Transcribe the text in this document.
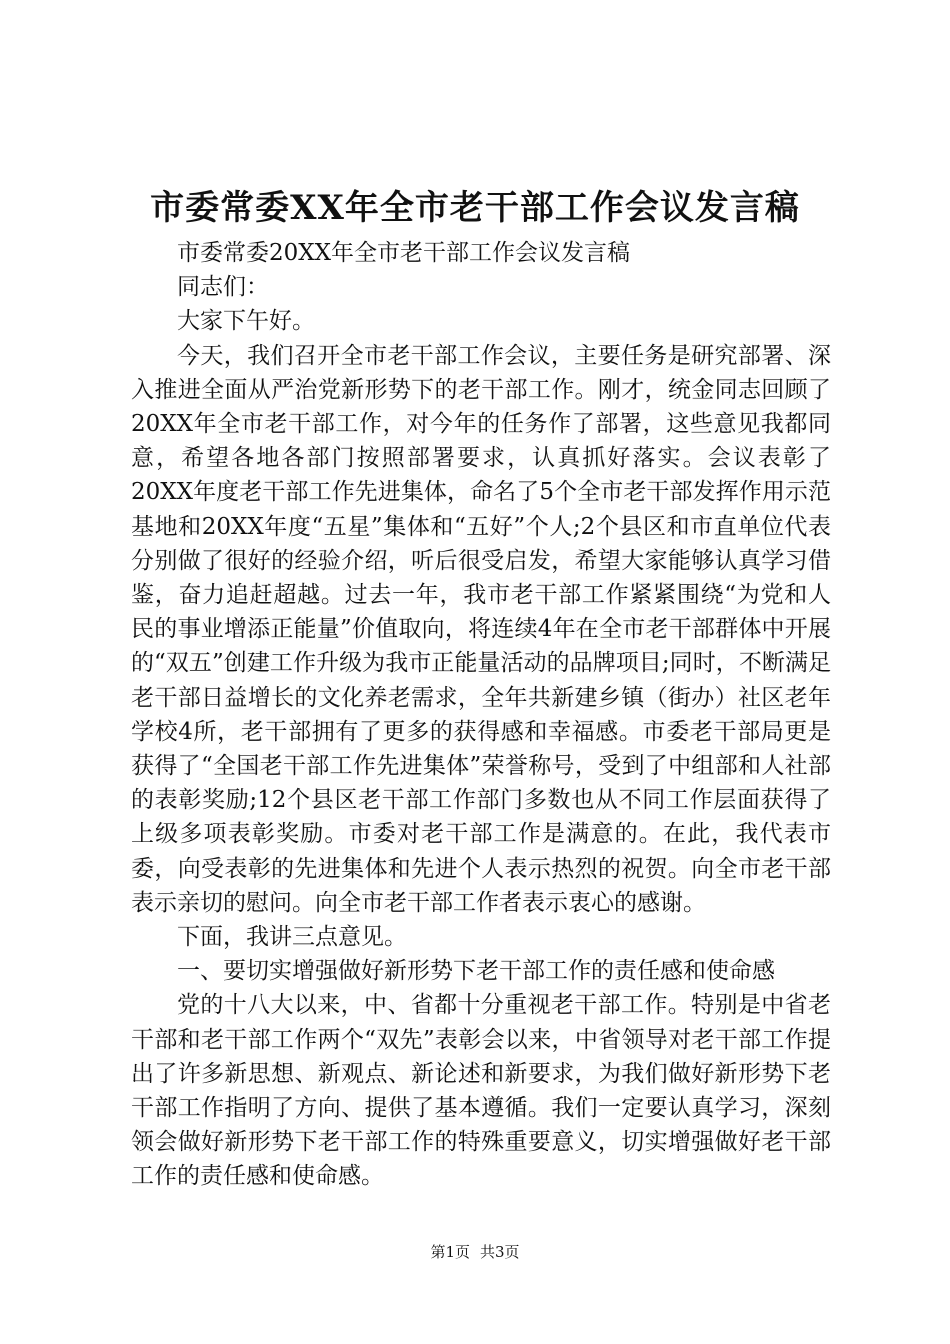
市委常委XX年全市老干部工作会议发言稿

市委常委20XX年全市老干部工作会议发言稿

同志们：

大家下午好。

今天，我们召开全市老干部工作会议，主要任务是研究部署、深入推进全面从严治党新形势下的老干部工作。刚才，统金同志回顾了20XX年全市老干部工作，对今年的任务作了部署，这些意见我都同意，希望各地各部门按照部署要求，认真抓好落实。会议表彰了20XX年度老干部工作先进集体，命名了5个全市老干部发挥作用示范基地和20XX年度“五星”集体和“五好”个人;2个县区和市直单位代表分别做了很好的经验介绍，听后很受启发，希望大家能够认真学习借鉴，奋力追赶超越。过去一年，我市老干部工作紧紧围绕“为党和人民的事业增添正能量”价值取向，将连续4年在全市老干部群体中开展的“双五”创建工作升级为我市正能量活动的品牌项目;同时，不断满足老干部日益增长的文化养老需求，全年共新建乡镇（街办）社区老年学校4所，老干部拥有了更多的获得感和幸福感。市委老干部局更是获得了“全国老干部工作先进集体”荣誉称号，受到了中组部和人社部的表彰奖励;12个县区老干部工作部门多数也从不同工作层面获得了上级多项表彰奖励。市委对老干部工作是满意的。在此，我代表市委，向受表彰的先进集体和先进个人表示热烈的祝贺。向全市老干部表示亲切的慰问。向全市老干部工作者表示衷心的感谢。

下面，我讲三点意见。

一、要切实增强做好新形势下老干部工作的责任感和使命感

党的十八大以来，中、省都十分重视老干部工作。特别是中省老干部和老干部工作两个“双先”表彰会以来，中省领导对老干部工作提出了许多新思想、新观点、新论述和新要求，为我们做好新形势下老干部工作指明了方向、提供了基本遵循。我们一定要认真学习，深刻领会做好新形势下老干部工作的特殊重要意义，切实增强做好老干部工作的责任感和使命感。

第1页 共3页
